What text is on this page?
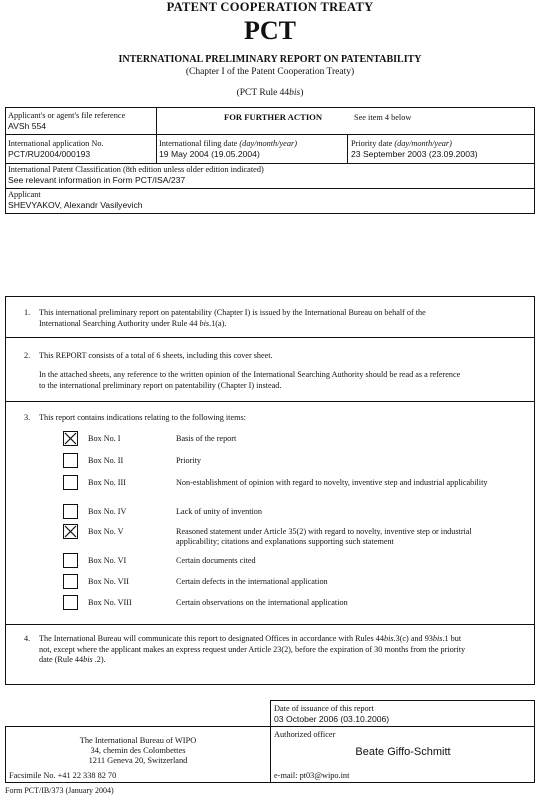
PATENT COOPERATION TREATY
PCT
INTERNATIONAL PRELIMINARY REPORT ON PATENTABILITY
(Chapter I of the Patent Cooperation Treaty)
(PCT Rule 44bis)
Applicant's or agent's file reference
AVSh 554
FOR FURTHER ACTION	See item 4 below
International application No.
PCT/RU2004/000193
International filing date (day/month/year)
19 May 2004 (19.05.2004)
Priority date (day/month/year)
23 September 2003 (23.09.2003)
International Patent Classification (8th edition unless older edition indicated)
See relevant information in Form PCT/ISA/237
Applicant
SHEVYAKOV, Alexandr Vasilyevich
1. This international preliminary report on patentability (Chapter I) is issued by the International Bureau on behalf of the
International Searching Authority under Rule 44 bis.1(a).
2. This REPORT consists of a total of 6 sheets, including this cover sheet.
In the attached sheets, any reference to the written opinion of the International Searching Authority should be read as a reference
to the international preliminary report on patentability (Chapter I) instead.
3. This report contains indications relating to the following items:
Box No. I	Basis of the report
Box No. II	Priority
Box No. III	Non-establishment of opinion with regard to novelty, inventive step and industrial applicability
Box No. IV	Lack of unity of invention
Box No. V	Reasoned statement under Article 35(2) with regard to novelty, inventive step or industrial applicability; citations and explanations supporting such statement
Box No. VI	Certain documents cited
Box No. VII	Certain defects in the international application
Box No. VIII	Certain observations on the international application
4. The International Bureau will communicate this report to designated Offices in accordance with Rules 44bis.3(c) and 93bis.1 but
not, except where the applicant makes an express request under Article 23(2), before the expiration of 30 months from the priority
date (Rule 44bis .2).
Date of issuance of this report
03 October 2006 (03.10.2006)
The International Bureau of WIPO
34, chemin des Colombettes
1211 Geneva 20, Switzerland
Facsimile No. +41 22 338 82 70
Authorized officer
Beate Giffo-Schmitt
e-mail: pt03@wipo.int
Form PCT/IB/373 (January 2004)
